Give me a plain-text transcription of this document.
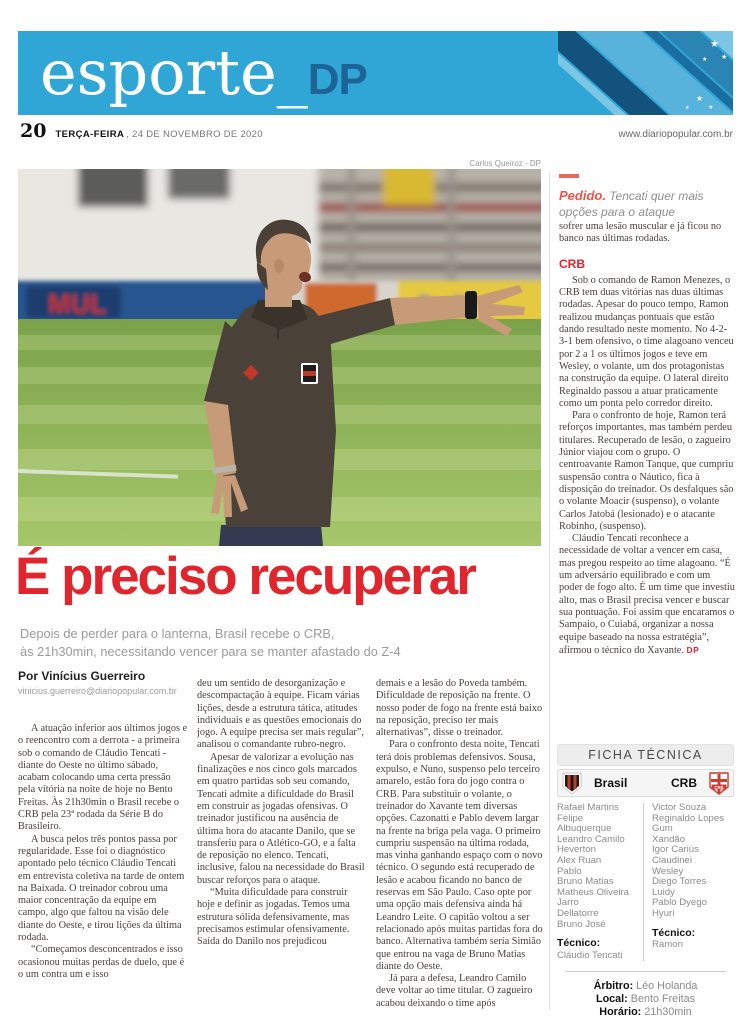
esporte _ DP
★
★
★
★
★
★
20 TERÇA-FEIRA , 24 DE NOVEMBRO DE 2020	www.diariopopular.com.br
Carlos Queiroz - DP
MUL
É preciso recuperar
Depois de perder para o lanterna, Brasil recebe o CRB,
às 21h30min, necessitando vencer para se manter afastado do Z-4
Por Vinícius Guerreiro
vinicius.guerreiro@diariopopular.com.br

A atuação inferior aos últimos jogos e o reencontro com a derrota - a primeira sob o comando de Cláudio Tencati - diante do Oeste no último sábado, acabam colocando uma certa pressão pela vitória na noite de hoje no Bento Freitas. Às 21h30min o Brasil recebe o CRB pela 23ª rodada da Série B do Brasileiro.

A busca pelos três pontos passa por regularidade. Esse foi o diagnóstico apontado pelo técnico Cláudio Tencati em entrevista coletiva na tarde de ontem na Baixada. O treinador cobrou uma maior concentração da equipe em campo, algo que faltou na visão dele diante do Oeste, e tirou lições da última rodada.

“Começamos desconcentrados e isso ocasionou muitas perdas de duelo, que é o um contra um e isso

deu um sentido de desorganização e descompactação à equipe. Ficam várias lições, desde a estrutura tática, atitudes individuais e as questões emocionais do jogo. A equipe precisa ser mais regular”, analisou o comandante rubro-negro.

Apesar de valorizar a evolução nas finalizações e nos cinco gols marcados em quatro partidas sob seu comando, Tencati admite a dificuldade do Brasil em construir as jogadas ofensivas. O treinador justificou na ausência de última hora do atacante Danilo, que se transferiu para o Atlético-GO, e a falta de reposição no elenco. Tencati, inclusive, falou na necessidade do Brasil buscar reforços para o ataque.

“Muita dificuldade para construir hoje e definir as jogadas. Temos uma estrutura sólida defensivamente, mas precisamos estimular ofensivamente. Saída do Danilo nos prejudicou

demais e a lesão do Poveda também. Dificuldade de reposição na frente. O nosso poder de fogo na frente está baixo na reposição, preciso ter mais alternativas”, disse o treinador.

Para o confronto desta noite, Tencati terá dois problemas defensivos. Sousa, expulso, e Nuno, suspenso pelo terceiro amarelo, estão fora do jogo contra o CRB. Para substituir o volante, o treinador do Xavante tem diversas opções. Cazonatti e Pablo devem largar na frente na briga pela vaga. O primeiro cumpriu suspensão na última rodada, mas vinha ganhando espaço com o novo técnico. O segundo está recuperado de lesão e acabou ficando no banco de reservas em São Paulo. Caso opte por uma opção mais defensiva ainda há Leandro Leite. O capitão voltou a ser relacionado após muitas partidas fora do banco. Alternativa também seria Simião que entrou na vaga de Bruno Matias diante do Oeste.

Já para a defesa, Leandro Camilo deve voltar ao time titular. O zagueiro acabou deixando o time após

Pedido. Tencati quer mais opções para o ataque

sofrer uma lesão muscular e já ficou no banco nas últimas rodadas.

CRB

Sob o comando de Ramon Menezes, o CRB tem duas vitórias nas duas últimas rodadas. Apesar do pouco tempo, Ramon realizou mudanças pontuais que estão dando resultado neste momento. No 4-2-3-1 bem ofensivo, o time alagoano venceu por 2 a 1 os últimos jogos e teve em Wesley, o volante, um dos protagonistas na construção da equipe. O lateral direito Reginaldo passou a atuar praticamente como um ponta pelo corredor direito.

Para o confronto de hoje, Ramon terá reforços importantes, mas também perdeu titulares. Recuperado de lesão, o zagueiro Júnior viajou com o grupo. O centroavante Ramon Tanque, que cumpriu suspensão contra o Náutico, fica à disposição do treinador. Os desfalques são o volante Moacir (suspenso), o volante Carlos Jatobá (lesionado) e o atacante Robinho, (suspenso).

Cláudio Tencati reconhece a necessidade de voltar a vencer em casa, mas pregou respeito ao time alagoano. “É um adversário equilibrado e com um poder de fogo alto. É um time que investiu alto, mas o Brasil precisa vencer e buscar sua pontuação. Foi assim que encaramos o Sampaio, o Cuiabá, organizar a nossa equipe baseado na nossa estratégia”, afirmou o técnico do Xavante. DP

FICHA TÉCNICA
Brasil	CRB	CRB
Rafael Martins
Felipe Albuquerque
Leandro Camilo
Heverton
Alex Ruan
Pablo
Bruno Matias
Matheus Oliveira
Jarro
Dellatorre
Bruno José
Técnico:
Cláudio Tencati
Victor Souza
Reginaldo Lopes
Gum
Xandão
Igor Cariús
Claudinei
Wesley
Diego Torres
Luidy
Pablo Dyego
Hyuri
Técnico:
Ramon
Árbitro: Léo Holanda
Local: Bento Freitas
Horário: 21h30min
